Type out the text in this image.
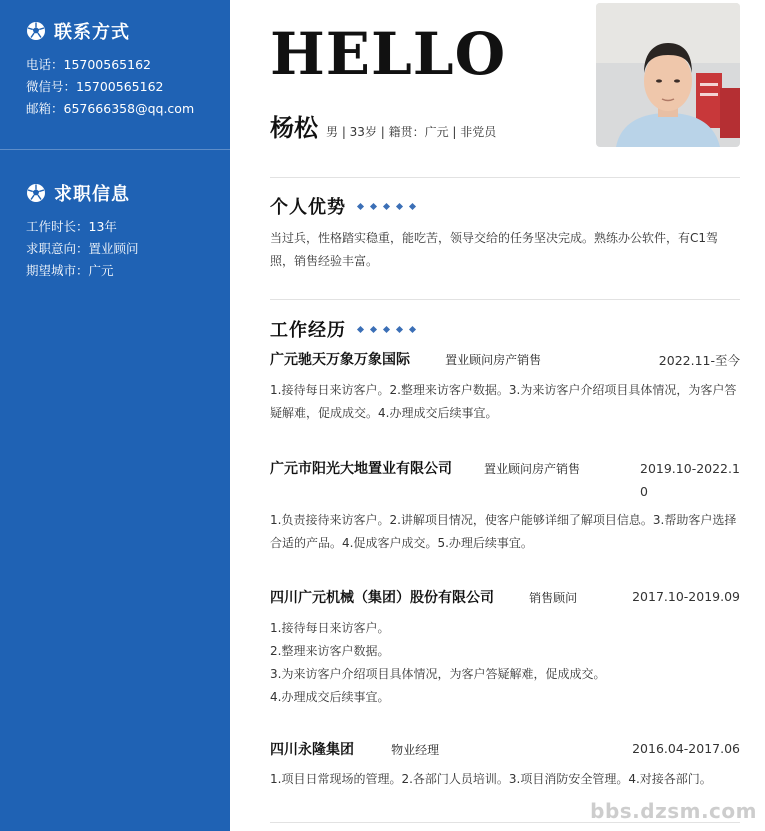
联系方式
电话：15700565162
微信号：15700565162
邮箱：657666358@qq.com
求职信息
工作时长：13年
求职意向：置业顾问
期望城市：广元
HELLO
杨松 男 | 33岁 | 籍贯：广元 | 非党员
个人优势
当过兵，性格踏实稳重，能吃苦，领导交给的任务坚决完成。熟练办公软件，有C1驾照，销售经验丰富。
工作经历
广元驰天万象万象国际	置业顾问房产销售	2022.11-至今
1.接待每日来访客户。2.整理来访客户数据。3.为来访客户介绍项目具体情况，为客户答疑解难，促成成交。4.办理成交后续事宜。
广元市阳光大地置业有限公司	置业顾问房产销售	2019.10-2022.10
1.负责接待来访客户。2.讲解项目情况，使客户能够详细了解项目信息。3.帮助客户选择合适的产品。4.促成客户成交。5.办理后续事宜。
四川广元机械（集团）股份有限公司	销售顾问	2017.10-2019.09
1.接待每日来访客户。
2.整理来访客户数据。
3.为来访客户介绍项目具体情况，为客户答疑解难，促成成交。
4.办理成交后续事宜。
四川永隆集团	物业经理	2016.04-2017.06
1.项目日常现场的管理。2.各部门人员培训。3.项目消防安全管理。4.对接各部门。
bbs.dzsm.com
